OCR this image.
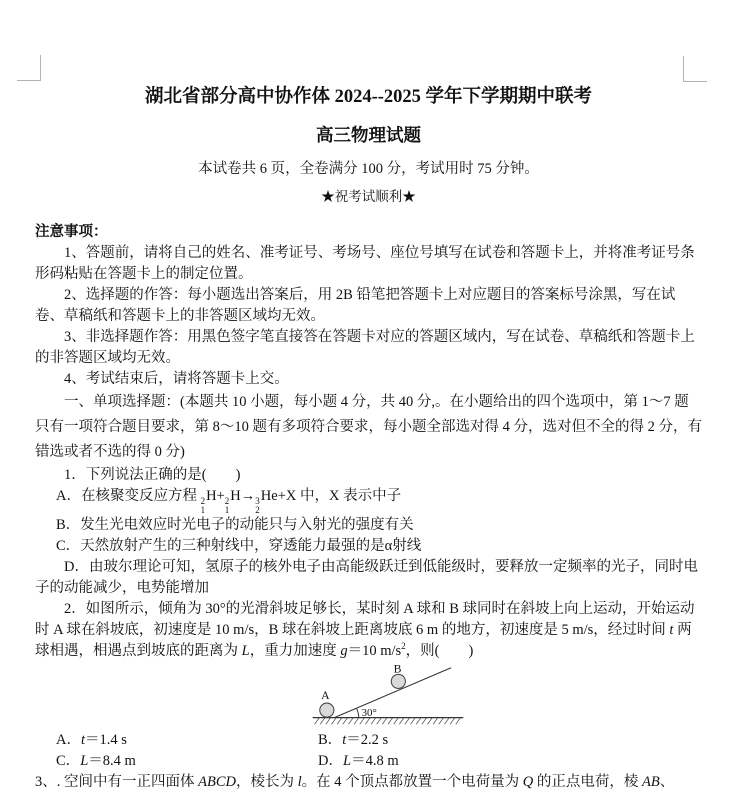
湖北省部分高中协作体 2024--2025 学年下学期期中联考

高三物理试题

本试卷共 6 页，全卷满分 100 分，考试用时 75 分钟。

★祝考试顺利★

注意事项：

1、答题前，请将自己的姓名、准考证号、考场号、座位号填写在试卷和答题卡上，并将准考证号条形码粘贴在答题卡上的制定位置。

2、选择题的作答：每小题选出答案后，用 2B 铅笔把答题卡上对应题目的答案标号涂黑，写在试卷、草稿纸和答题卡上的非答题区域均无效。

3、非选择题作答：用黑色签字笔直接答在答题卡对应的答题区域内，写在试卷、草稿纸和答题卡上的非答题区域均无效。

4、考试结束后，请将答题卡上交。

一、单项选择题：(本题共 10 小题，每小题 4 分，共 40 分,。在小题给出的四个选项中，第 1～7 题只有一项符合题目要求，第 8～10 题有多项符合要求，每小题全部选对得 4 分，选对但不全的得 2 分，有错选或者不选的得 0 分)

1．下列说法正确的是(　　)

A．在核聚变反应方程 2
1
H+ 2
1
H→ 3
2
He+X 中，X 表示中子

B．发生光电效应时光电子的动能只与入射光的强度有关

C．天然放射产生的三种射线中，穿透能力最强的是α射线

D．由玻尔理论可知，氢原子的核外电子由高能级跃迁到低能级时，要释放一定频率的光子，同时电子的动能减少，电势能增加

2．如图所示，倾角为 30°的光滑斜坡足够长，某时刻 A 球和 B 球同时在斜坡上向上运动，开始运动时 A 球在斜坡底，初速度是 10 m/s，B 球在斜坡上距离坡底 6 m 的地方，初速度是 5 m/s，经过时间 t 两球相遇，相遇点到坡底的距离为 L，重力加速度 g＝10 $m/s^2$，则(　　)

A
B
30°
A．t＝1.4 s	B．t＝2.2 s
C．L＝8.4 m	D．L＝4.8 m

3、. 空间中有一正四面体 ABCD，棱长为 l。在 4 个顶点都放置一个电荷量为 Q 的正点电荷，棱 AB、
